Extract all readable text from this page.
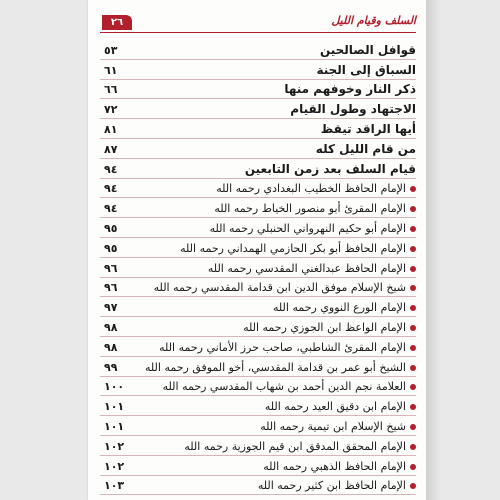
٢٦	السلف وقيام الليل
قوافل الصالحين
٥٣
السباق إلى الجنة
٦١
ذكر النار وخوفهم منها
٦٦
الاجتهاد وطول القيام
٧٢
أيها الراقد تيقظ
٨١
من قام الليل كله
٨٧
قيام السلف بعد زمن التابعين
٩٤
الإمام الحافظ الخطيب البغدادي رحمه الله
٩٤
الإمام المقرئ أبو منصور الخياط رحمه الله
٩٤
الإمام أبو حكيم النهرواني الحنبلي رحمه الله
٩٥
الإمام الحافظ أبو بكر الحازمي الهمداني رحمه الله
٩٥
الإمام الحافظ عبدالغني المقدسي رحمه الله
٩٦
شيخ الإسلام موفق الدين ابن قدامة المقدسي رحمه الله
٩٦
الإمام الورع النووي رحمه الله
٩٧
الإمام الواعظ ابن الجوزي رحمه الله
٩٨
الإمام المقرئ الشاطبي، صاحب حرز الأماني رحمه الله
٩٨
الشيخ أبو عمر بن قدامة المقدسي، أخو الموفق رحمه الله
٩٩
العلامة نجم الدين أحمد بن شهاب المقدسي رحمه الله
١٠٠
الإمام ابن دقيق العيد رحمه الله
١٠١
شيخ الإسلام ابن تيمية رحمه الله
١٠١
الإمام المحقق المدقق ابن قيم الجوزية رحمه الله
١٠٢
الإمام الحافظ الذهبي رحمه الله
١٠٢
الإمام الحافظ ابن كثير رحمه الله
١٠٣
